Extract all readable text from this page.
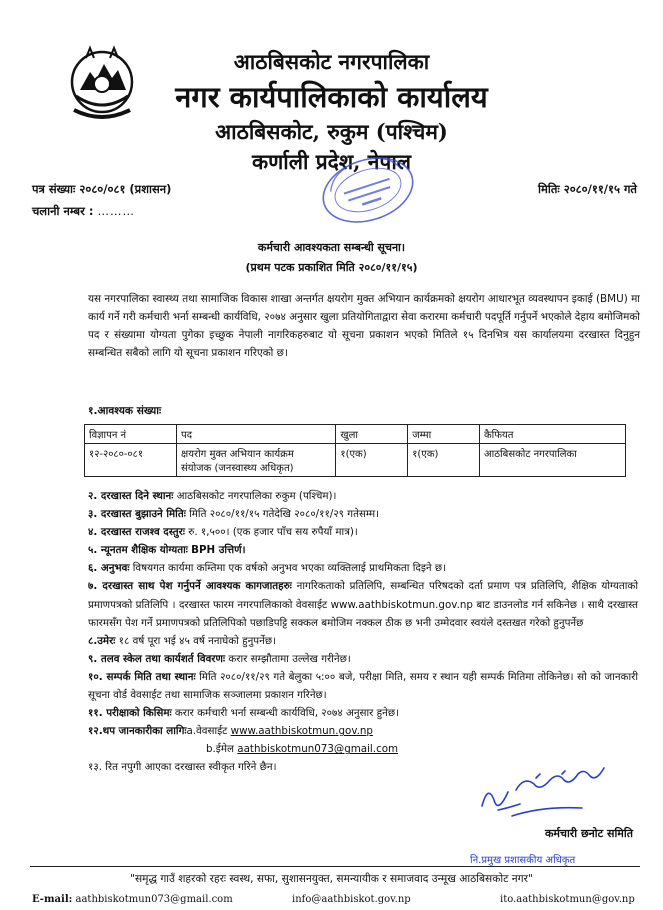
आठबिसकोट नगरपालिका
नगर कार्यपालिकाको कार्यालय
आठबिसकोट, रुकुम (पश्चिम)
कर्णाली प्रदेश, नेपाल
पत्र संख्याः २०८०/०८१ (प्रशासन)
चलानी नम्बर : ………
मितिः २०८०/११/१५ गते
कर्मचारी आवश्यकता सम्बन्धी सूचना।
(प्रथम पटक प्रकाशित मिति २०८०/११/१५)
यस नगरपालिका स्वास्थ्य तथा सामाजिक विकास शाखा अन्तर्गत क्षयरोग मुक्त अभियान कार्यक्रमको क्षयरोग आधारभूत व्यवस्थापन इकाई (BMU) मा कार्य गर्ने गरी कर्मचारी भर्ना सम्बन्धी कार्यविधि, २०७४ अनुसार खुला प्रतियोगिताद्वारा सेवा करारमा कर्मचारी पदपूर्ति गर्नुपर्ने भएकोले देहाय बमोजिमको पद र संख्यामा योग्यता पुगेका इच्छुक नेपाली नागरिकहरुबाट यो सूचना प्रकाशन भएको मितिले १५ दिनभित्र यस कार्यालयमा दरखास्त दिनुहुन सम्बन्धित सबैको लागि यो सूचना प्रकाशन गरिएको छ।
१.आवश्यक संख्याः
विज्ञापन नं	पद	खुला	जम्मा	कैफियत
१२-२०८०-०८१	क्षयरोग मुक्त अभियान कार्यक्रम
संयोजक (जनस्वास्थ्य अधिकृत)	१(एक)	१(एक)	आठबिसकोट नगरपालिका
२. दरखास्त दिने स्थानः आठबिसकोट नगरपालिका रुकुम (पश्चिम)।
३. दरखास्त बुझाउने मितिः मिति २०८०/११/१५ गतेदेखि २०८०/११/२९ गतेसम्म।
४. दरखास्त राजश्व दस्तुरः रु. १,५००। (एक हजार पाँच सय रुपैयाँ मात्र)।
५. न्यूनतम शैक्षिक योग्यताः BPH उत्तिर्ण।
६. अनुभवः विषयगत कार्यमा कम्तिमा एक वर्षको अनुभव भएका व्यक्तिलाई प्राथमिकता दिइने छ।
७. दरखास्त साथ पेश गर्नुपर्ने आवश्यक कागजातहरुः नागरिकताको प्रतिलिपि, सम्बन्धित परिषदको दर्ता प्रमाण पत्र प्रतिलिपि, शैक्षिक योग्यताको प्रमाणपत्रको प्रतिलिपि । दरखास्त फारम नगरपालिकाको वेवसाईट www.aathbiskotmun.gov.np बाट डाउनलोड गर्न सकिनेछ । साथै दरखास्त फारमसँग पेश गर्ने प्रमाणपत्रको प्रतिलिपिको पछाडिपट्टि सक्कल बमोजिम नक्कल ठीक छ भनी उम्मेदवार स्वयंले दस्तखत गरेको हुनुपर्नेछ
८.उमेरः १८ वर्ष पूरा भई ४५ वर्ष ननाघेको हुनुपर्नेछ।
९. तलव स्केल तथा कार्यशर्त विवरणः करार सम्झौतामा उल्लेख गरीनेछ।
१०. सम्पर्क मिति तथा स्थानः मिति २०८०/११/२९ गते बेलुका ५:०० बजे, परीक्षा मिति, समय र स्थान यही सम्पर्क मितिमा तोकिनेछ। सो को जानकारी सूचना वोर्ड वेवसाईट तथा सामाजिक सञ्जालमा प्रकाशन गरिनेछ।
११. परीक्षाको किसिमः करार कर्मचारी भर्ना सम्बन्धी कार्यविधि, २०७४ अनुसार हुनेछ।
१२.थप जानकारीका लागिःa.वेवसाईट www.aathbiskotmun.gov.np
b.ईमेल aathbiskotmun073@gmail.com
१३. रित नपुगी आएका दरखास्त स्वीकृत गरिने छैन।
कर्मचारी छनोट समिति
नि.प्रमुख प्रशासकीय अधिकृत
"समृद्ध गाउँ शहरको रहरः स्वस्थ, सफा, सुशासनयुक्त, समन्यायीक र समाजवाद उन्मूख आठबिसकोट नगर"
E-mail: aathbiskotmun073@gmail.com	info@aathbiskot.gov.np	ito.aathbiskotmun@gov.np
